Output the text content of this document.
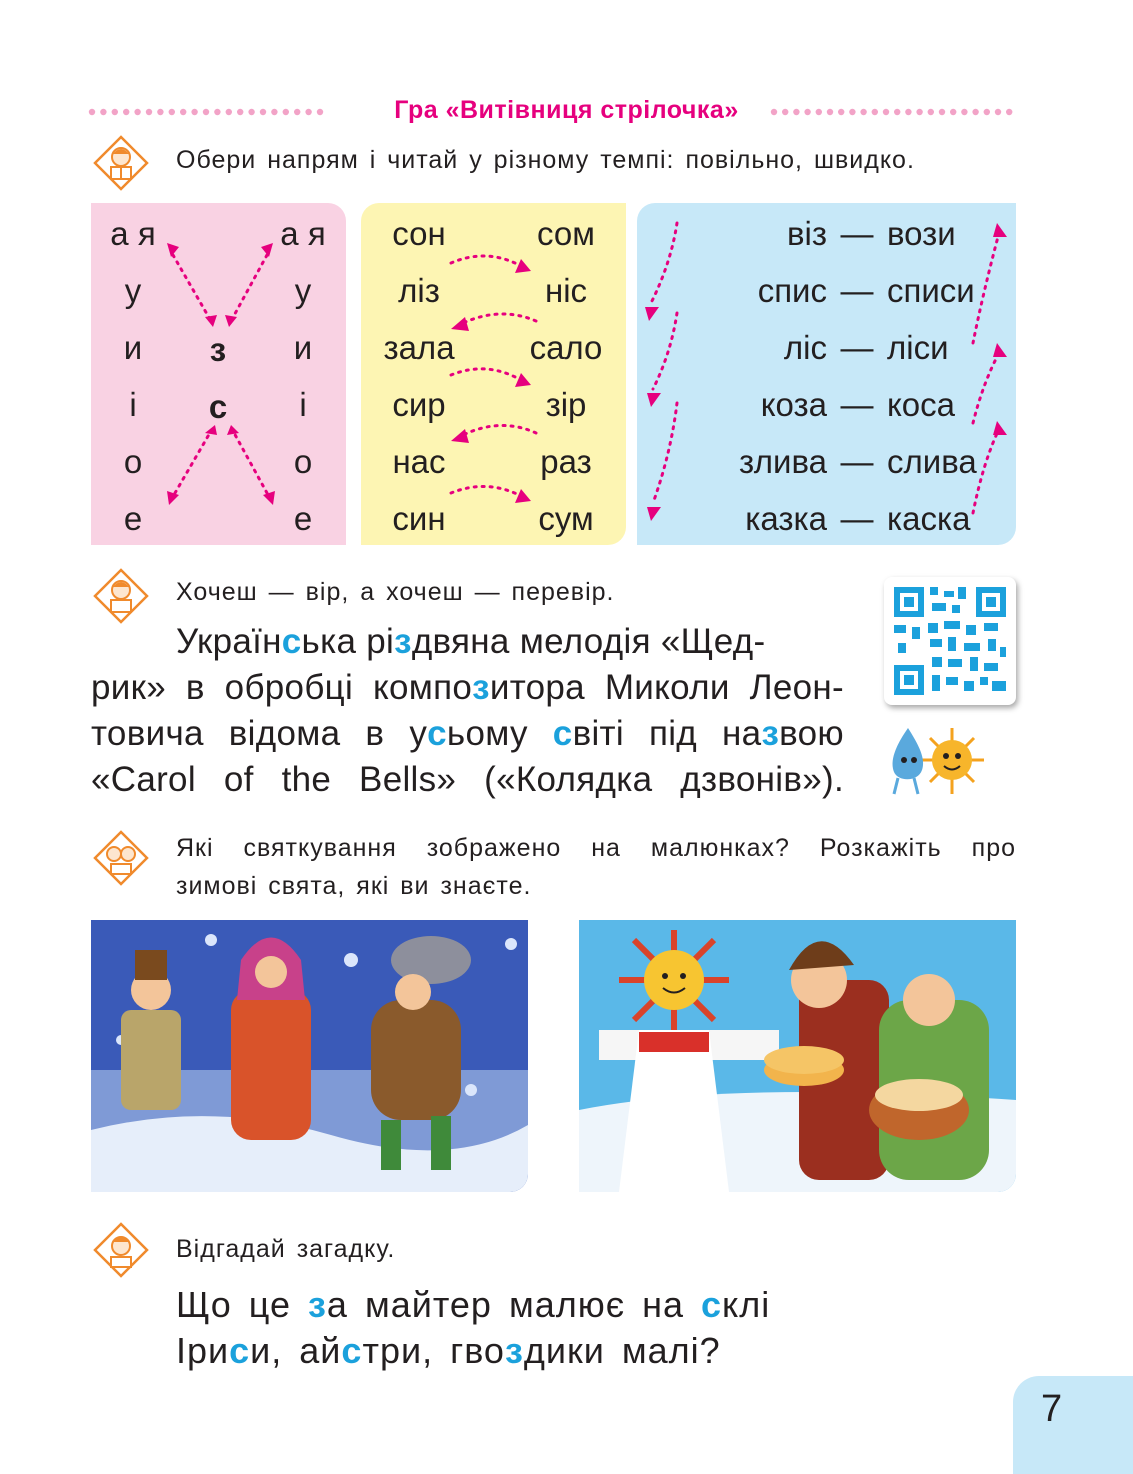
Гра «Витівниця стрілочка»
Обери напрям і читай у різному темпі: повільно, швидко.
а я
у
и
і
о
е
а я
у
и
і
о
е
з
с
сон
ліз
зала
сир
нас
син
сом
ніс
сало
зір
раз
сум
віз — вози
спис — списи
ліс — ліси
коза — коса
злива — слива
казка — каска
Хочеш — вір, а хочеш — перевір.
Українська різдвяна мелодія «Щед-
рик» в обробці композитора Миколи Леон-
товича відома в усьому світі під назвою
«Carol of the Bells» («Колядка дзвонів»).
Які святкування зображено на малюнках? Розкажіть про
зимові свята, які ви знаєте.
Відгадай загадку.
Що це за майтер малює на склі
Іриси, айстри, гвоздики малі?
7
